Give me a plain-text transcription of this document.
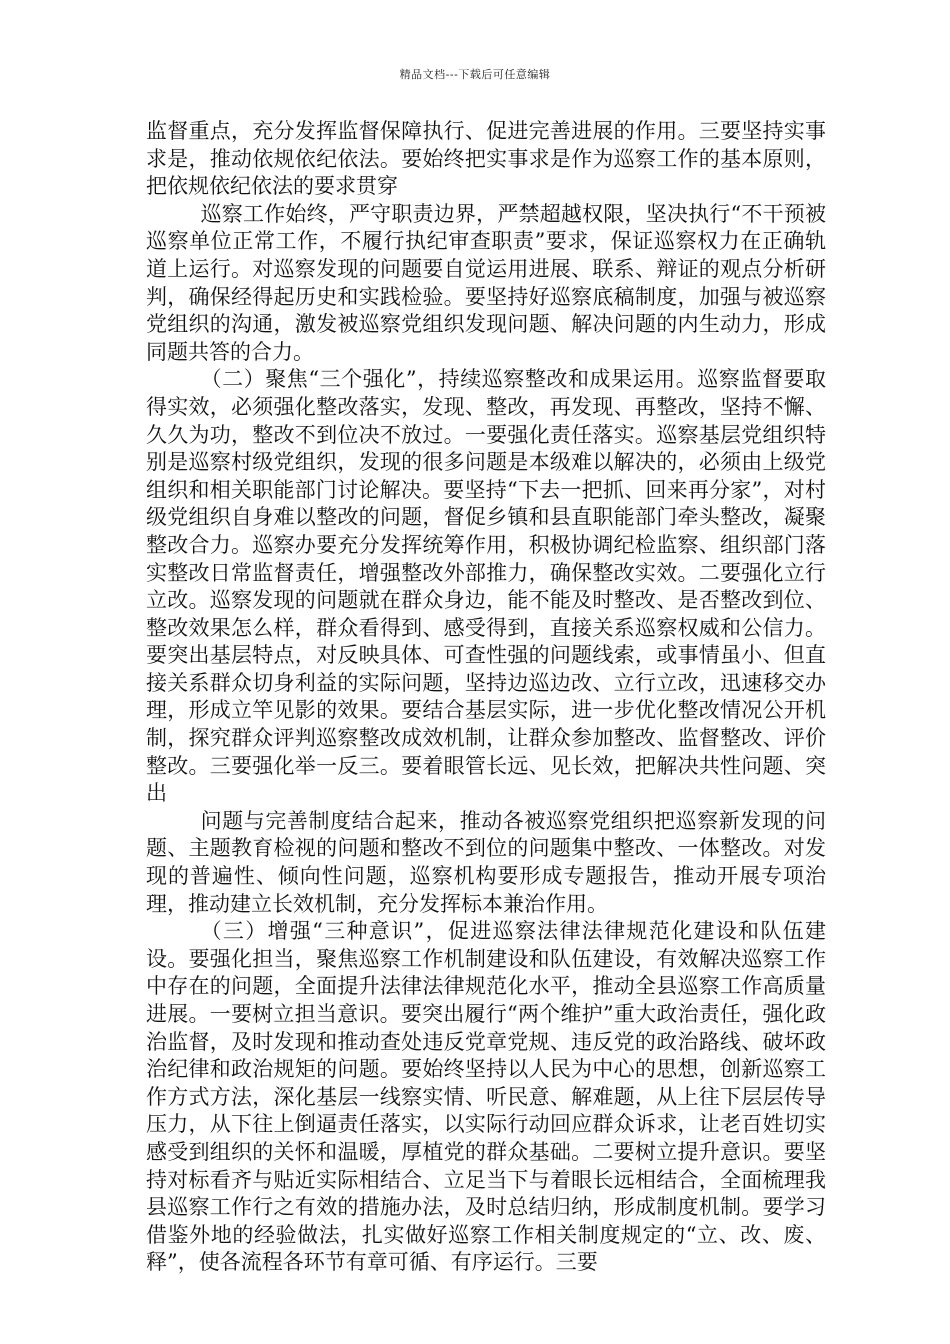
精品文档---下载后可任意编辑

监督重点，充分发挥监督保障执行、促进完善进展的作用。三要坚持实事求是，推动依规依纪依法。要始终把实事求是作为巡察工作的基本原则，把依规依纪依法的要求贯穿

巡察工作始终，严守职责边界，严禁超越权限，坚决执行“不干预被巡察单位正常工作，不履行执纪审查职责”要求，保证巡察权力在正确轨道上运行。对巡察发现的问题要自觉运用进展、联系、辩证的观点分析研判，确保经得起历史和实践检验。要坚持好巡察底稿制度，加强与被巡察党组织的沟通，激发被巡察党组织发现问题、解决问题的内生动力，形成同题共答的合力。

（二）聚焦“三个强化”，持续巡察整改和成果运用。巡察监督要取得实效，必须强化整改落实，发现、整改，再发现、再整改，坚持不懈、久久为功，整改不到位决不放过。一要强化责任落实。巡察基层党组织特别是巡察村级党组织，发现的很多问题是本级难以解决的，必须由上级党组织和相关职能部门讨论解决。要坚持“下去一把抓、回来再分家”，对村级党组织自身难以整改的问题，督促乡镇和县直职能部门牵头整改，凝聚整改合力。巡察办要充分发挥统筹作用，积极协调纪检监察、组织部门落实整改日常监督责任，增强整改外部推力，确保整改实效。二要强化立行立改。巡察发现的问题就在群众身边，能不能及时整改、是否整改到位、整改效果怎么样，群众看得到、感受得到，直接关系巡察权威和公信力。要突出基层特点，对反映具体、可查性强的问题线索，或事情虽小、但直接关系群众切身利益的实际问题，坚持边巡边改、立行立改，迅速移交办理，形成立竿见影的效果。要结合基层实际，进一步优化整改情况公开机制，探究群众评判巡察整改成效机制，让群众参加整改、监督整改、评价整改。三要强化举一反三。要着眼管长远、见长效，把解决共性问题、突出

问题与完善制度结合起来，推动各被巡察党组织把巡察新发现的问题、主题教育检视的问题和整改不到位的问题集中整改、一体整改。对发现的普遍性、倾向性问题，巡察机构要形成专题报告，推动开展专项治理，推动建立长效机制，充分发挥标本兼治作用。

（三）增强“三种意识”，促进巡察法律法律规范化建设和队伍建设。要强化担当，聚焦巡察工作机制建设和队伍建设，有效解决巡察工作中存在的问题，全面提升法律法律规范化水平，推动全县巡察工作高质量进展。一要树立担当意识。要突出履行“两个维护”重大政治责任，强化政治监督，及时发现和推动查处违反党章党规、违反党的政治路线、破坏政治纪律和政治规矩的问题。要始终坚持以人民为中心的思想，创新巡察工作方式方法，深化基层一线察实情、听民意、解难题，从上往下层层传导压力，从下往上倒逼责任落实，以实际行动回应群众诉求，让老百姓切实感受到组织的关怀和温暖，厚植党的群众基础。二要树立提升意识。要坚持对标看齐与贴近实际相结合、立足当下与着眼长远相结合，全面梳理我县巡察工作行之有效的措施办法，及时总结归纳，形成制度机制。要学习借鉴外地的经验做法，扎实做好巡察工作相关制度规定的“立、改、废、释”，使各流程各环节有章可循、有序运行。三要
